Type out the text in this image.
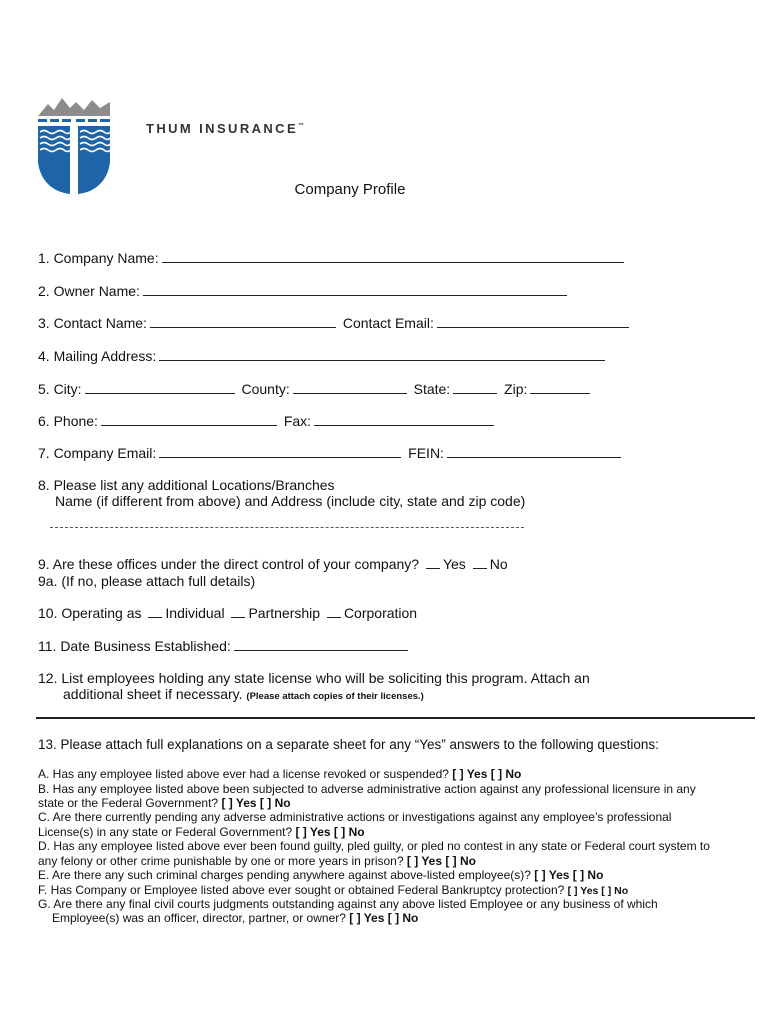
THUM INSURANCE™
Company Profile
1. Company Name:
2. Owner Name:
3. Contact Name:	Contact Email:
4. Mailing Address:
5. City:	County:	State:	Zip:
6. Phone:	Fax:
7. Company Email:	FEIN:
8. Please list any additional Locations/Branches
Name (if different from above) and Address (include city, state and zip code)
9. Are these offices under the direct control of your company? Yes No
9a. (If no, please attach full details)
10. Operating as Individual Partnership Corporation
11. Date Business Established:
12. List employees holding any state license who will be soliciting this program. Attach an
additional sheet if necessary. (Please attach copies of their licenses.)
13. Please attach full explanations on a separate sheet for any “Yes” answers to the following questions:
A. Has any employee listed above ever had a license revoked or suspended? [ ] Yes [ ] No
B. Has any employee listed above been subjected to adverse administrative action against any professional licensure in any
state or the Federal Government? [ ] Yes [ ] No
C. Are there currently pending any adverse administrative actions or investigations against any employee’s professional
License(s) in any state or Federal Government? [ ] Yes [ ] No
D. Has any employee listed above ever been found guilty, pled guilty, or pled no contest in any state or Federal court system to
any felony or other crime punishable by one or more years in prison? [ ] Yes [ ] No
E. Are there any such criminal charges pending anywhere against above-listed employee(s)? [ ] Yes [ ] No
F. Has Company or Employee listed above ever sought or obtained Federal Bankruptcy protection? [ ] Yes [ ] No
G. Are there any final civil courts judgments outstanding against any above listed Employee or any business of which
Employee(s) was an officer, director, partner, or owner? [ ] Yes [ ] No
